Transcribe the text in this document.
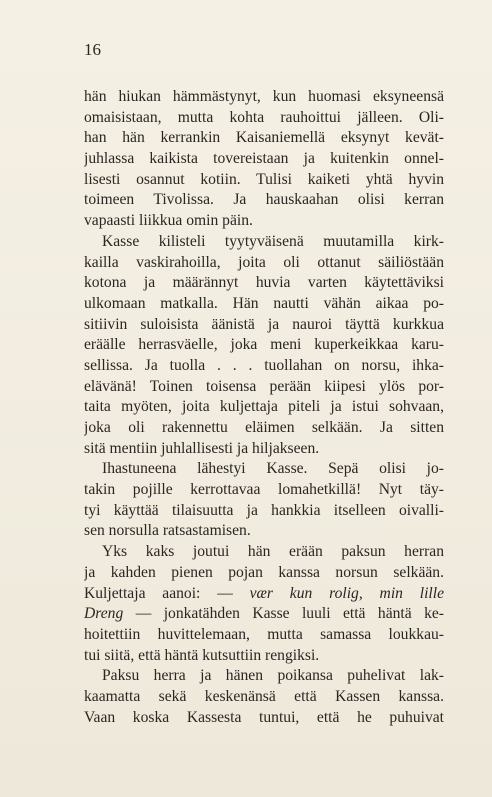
16
hän hiukan hämmästynyt, kun huomasi eksyneensä
omaisistaan, mutta kohta rauhoittui jälleen. Oli-
han hän kerrankin Kaisaniemellä eksynyt kevät-
juhlassa kaikista tovereistaan ja kuitenkin onnel-
lisesti osannut kotiin. Tulisi kaiketi yhtä hyvin
toimeen Tivolissa. Ja hauskaahan olisi kerran
vapaasti liikkua omin päin.
Kasse kilisteli tyytyväisenä muutamilla kirk-
kailla vaskirahoilla, joita oli ottanut säiliöstään
kotona ja määrännyt huvia varten käytettäviksi
ulkomaan matkalla. Hän nautti vähän aikaa po-
sitiivin suloisista äänistä ja nauroi täyttä kurkkua
eräälle herrasväelle, joka meni kuperkeikkaa karu-
sellissa. Ja tuolla . . . tuollahan on norsu, ihka-
elävänä! Toinen toisensa perään kiipesi ylös por-
taita myöten, joita kuljettaja piteli ja istui sohvaan,
joka oli rakennettu eläimen selkään. Ja sitten
sitä mentiin juhlallisesti ja hiljakseen.
Ihastuneena lähestyi Kasse. Sepä olisi jo-
takin pojille kerrottavaa lomahetkillä! Nyt täy-
tyi käyttää tilaisuutta ja hankkia itselleen oivalli-
sen norsulla ratsastamisen.
Yks kaks joutui hän erään paksun herran
ja kahden pienen pojan kanssa norsun selkään.
Kuljettaja aanoi: — vær kun rolig, min lille
Dreng — jonkatähden Kasse luuli että häntä ke-
hoitettiin huvittelemaan, mutta samassa loukkau-
tui siitä, että häntä kutsuttiin rengiksi.
Paksu herra ja hänen poikansa puhelivat lak-
kaamatta sekä keskenänsä että Kassen kanssa.
Vaan koska Kassesta tuntui, että he puhuivat
